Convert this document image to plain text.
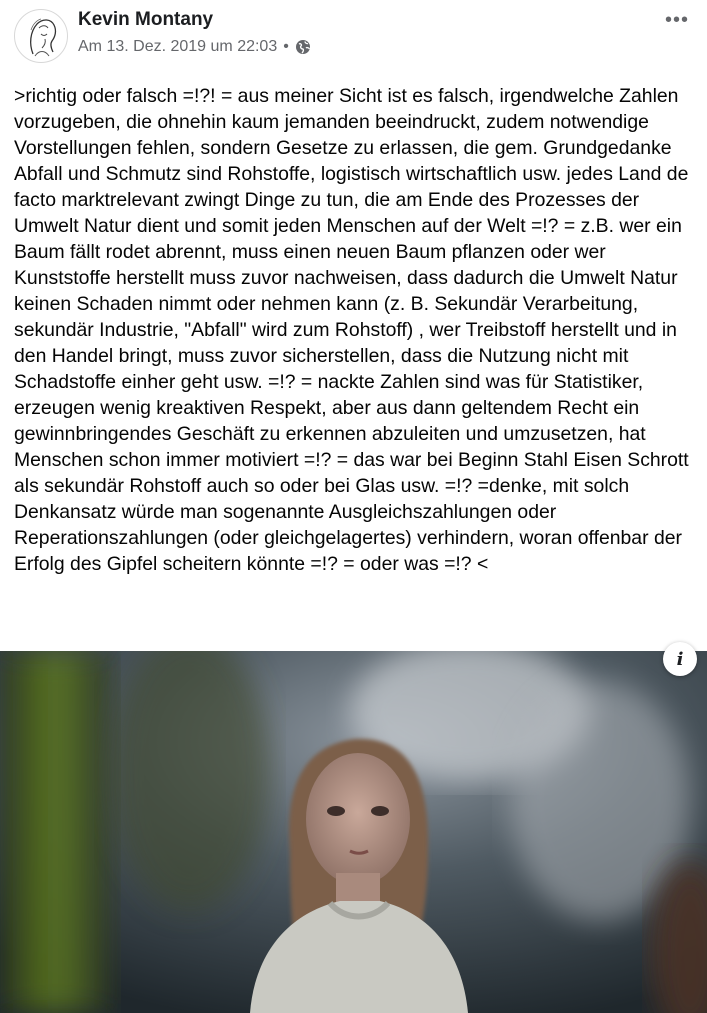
Kevin Montany
Am 13. Dez. 2019 um 22:03 •
•••
>richtig oder falsch =!?! = aus meiner Sicht ist es falsch, irgendwelche Zahlen vorzugeben, die ohnehin kaum jemanden beeindruckt, zudem notwendige Vorstellungen fehlen, sondern Gesetze zu erlassen, die gem. Grundgedanke Abfall und Schmutz sind Rohstoffe, logistisch wirtschaftlich usw. jedes Land de facto marktrelevant zwingt Dinge zu tun, die am Ende des Prozesses der Umwelt Natur dient und somit jeden Menschen auf der Welt =!? = z.B. wer ein Baum fällt rodet abrennt, muss einen neuen Baum pflanzen oder wer Kunststoffe herstellt muss zuvor nachweisen, dass dadurch die Umwelt Natur keinen Schaden nimmt oder nehmen kann (z. B. Sekundär Verarbeitung, sekundär Industrie, "Abfall" wird zum Rohstoff) , wer Treibstoff herstellt und in den Handel bringt, muss zuvor sicherstellen, dass die Nutzung nicht mit Schadstoffe einher geht usw. =!? = nackte Zahlen sind was für Statistiker, erzeugen wenig kreaktiven Respekt, aber aus dann geltendem Recht ein gewinnbringendes Geschäft zu erkennen abzuleiten und umzusetzen, hat Menschen schon immer motiviert =!? = das war bei Beginn Stahl Eisen Schrott als sekundär Rohstoff auch so oder bei Glas usw. =!? =denke, mit solch Denkansatz würde man sogenannte Ausgleichszahlungen oder Reperationszahlungen (oder gleichgelagertes) verhindern, woran offenbar der Erfolg des Gipfel scheitern könnte =!? = oder was =!? <
i
